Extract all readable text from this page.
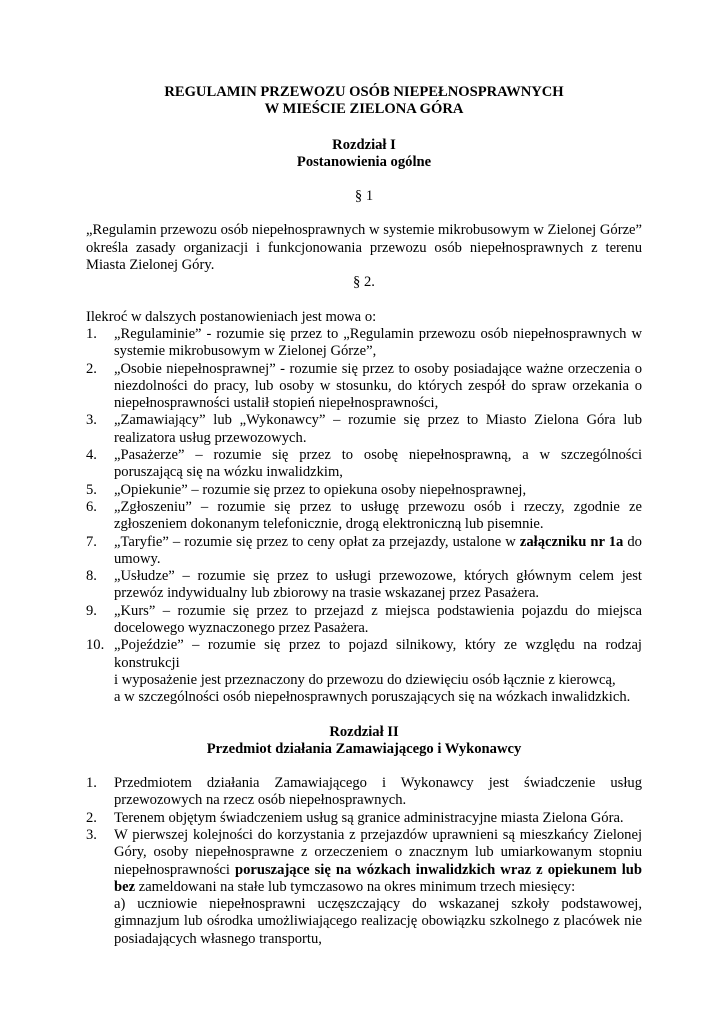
REGULAMIN PRZEWOZU OSÓB NIEPEŁNOSPRAWNYCH
W MIEŚCIE ZIELONA GÓRA
Rozdział I
Postanowienia ogólne
§ 1

„Regulamin przewozu osób niepełnosprawnych w systemie mikrobusowym w Zielonej Górze” określa zasady organizacji i funkcjonowania przewozu osób niepełnosprawnych z terenu Miasta Zielonej Góry.

§ 2.

Ilekroć w dalszych postanowieniach jest mowa o:

1. „Regulaminie” - rozumie się przez to „Regulamin przewozu osób niepełnosprawnych w systemie mikrobusowym w Zielonej Górze”,
2. „Osobie niepełnosprawnej” - rozumie się przez to osoby posiadające ważne orzeczenia o niezdolności do pracy, lub osoby w stosunku, do których zespół do spraw orzekania o niepełnosprawności ustalił stopień niepełnosprawności,
3. „Zamawiający” lub „Wykonawcy” – rozumie się przez to Miasto Zielona Góra lub realizatora usług przewozowych.
4. „Pasażerze” – rozumie się przez to osobę niepełnosprawną, a w szczególności poruszającą się na wózku inwalidzkim,
5. „Opiekunie” – rozumie się przez to opiekuna osoby niepełnosprawnej,
6. „Zgłoszeniu” – rozumie się przez to usługę przewozu osób i rzeczy, zgodnie ze zgłoszeniem dokonanym telefonicznie, drogą elektroniczną lub pisemnie.
7. „Taryfie” – rozumie się przez to ceny opłat za przejazdy, ustalone w załączniku nr 1a do umowy.
8. „Usłudze” – rozumie się przez to usługi przewozowe, których głównym celem jest przewóz indywidualny lub zbiorowy na trasie wskazanej przez Pasażera.
9. „Kurs” – rozumie się przez to przejazd z miejsca podstawienia pojazdu do miejsca docelowego wyznaczonego przez Pasażera.
10. „Pojeździe” – rozumie się przez to pojazd silnikowy, który ze względu na rodzaj konstrukcji
i wyposażenie jest przeznaczony do przewozu do dziewięciu osób łącznie z kierowcą,
a w szczególności osób niepełnosprawnych poruszających się na wózkach inwalidzkich.
Rozdział II
Przedmiot działania Zamawiającego i Wykonawcy
1. Przedmiotem działania Zamawiającego i Wykonawcy jest świadczenie usług przewozowych na rzecz osób niepełnosprawnych.
2. Terenem objętym świadczeniem usług są granice administracyjne miasta Zielona Góra.
3. W pierwszej kolejności do korzystania z przejazdów uprawnieni są mieszkańcy Zielonej Góry, osoby niepełnosprawne z orzeczeniem o znacznym lub umiarkowanym stopniu niepełnosprawności poruszające się na wózkach inwalidzkich wraz z opiekunem lub bez zameldowani na stałe lub tymczasowo na okres minimum trzech miesięcy:
a) uczniowie niepełnosprawni uczęszczający do wskazanej szkoły podstawowej, gimnazjum lub ośrodka umożliwiającego realizację obowiązku szkolnego z placówek nie posiadających własnego transportu,
